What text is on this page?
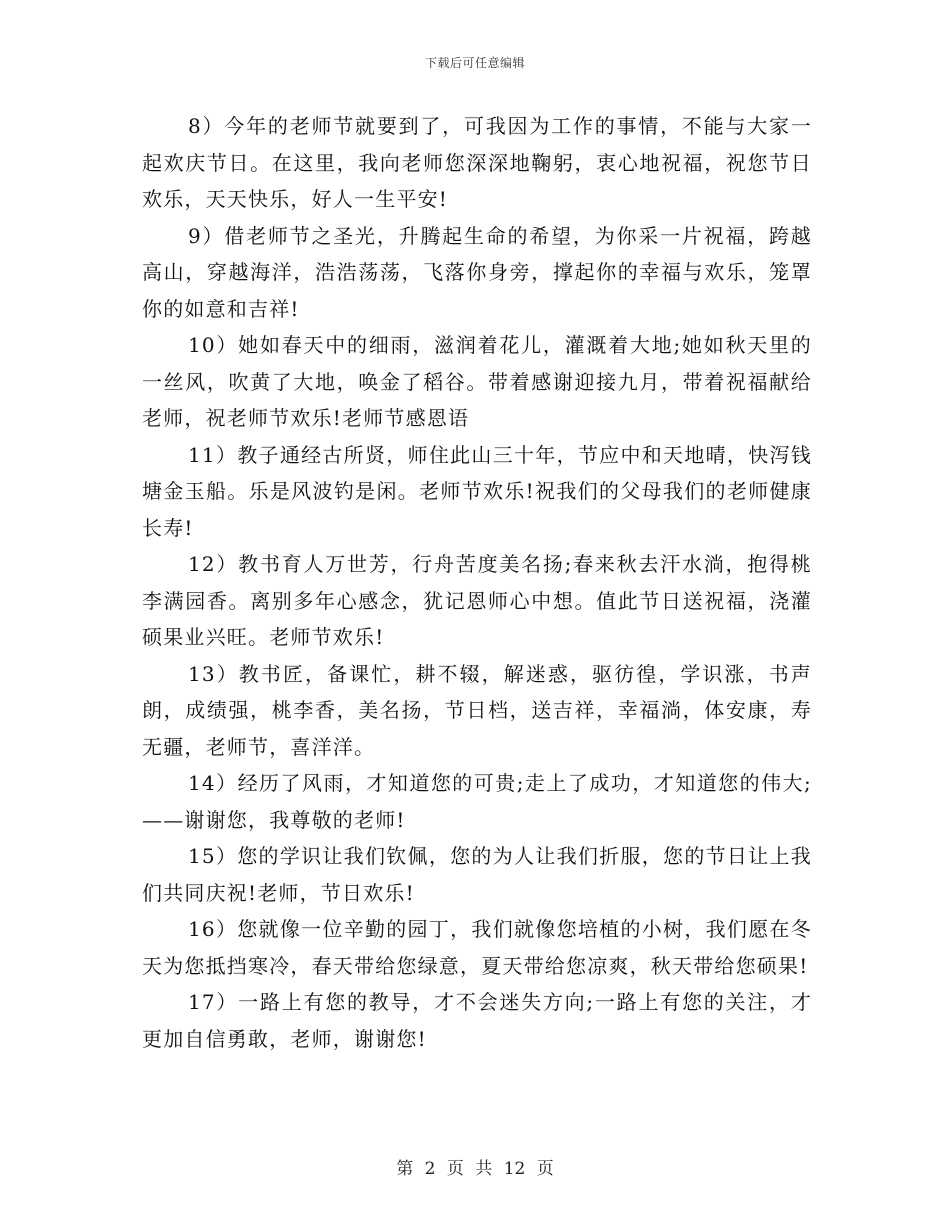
下载后可任意编辑

8）今年的老师节就要到了，可我因为工作的事情，不能与大家一起欢庆节日。在这里，我向老师您深深地鞠躬，衷心地祝福，祝您节日欢乐，天天快乐，好人一生平安!

9）借老师节之圣光，升腾起生命的希望，为你采一片祝福，跨越高山，穿越海洋，浩浩荡荡，飞落你身旁，撑起你的幸福与欢乐，笼罩你的如意和吉祥!

10）她如春天中的细雨，滋润着花儿，灌溉着大地;她如秋天里的一丝风，吹黄了大地，唤金了稻谷。带着感谢迎接九月，带着祝福献给老师，祝老师节欢乐!老师节感恩语

11）教子通经古所贤，师住此山三十年，节应中和天地晴，快泻钱塘金玉船。乐是风波钓是闲。老师节欢乐!祝我们的父母我们的老师健康长寿!

12）教书育人万世芳，行舟苦度美名扬;春来秋去汗水淌，抱得桃李满园香。离别多年心感念，犹记恩师心中想。值此节日送祝福，浇灌硕果业兴旺。老师节欢乐!

13）教书匠，备课忙，耕不辍，解迷惑，驱彷徨，学识涨，书声朗，成绩强，桃李香，美名扬，节日档，送吉祥，幸福淌，体安康，寿无疆，老师节，喜洋洋。

14）经历了风雨，才知道您的可贵;走上了成功，才知道您的伟大;——谢谢您，我尊敬的老师!

15）您的学识让我们钦佩，您的为人让我们折服，您的节日让上我们共同庆祝!老师，节日欢乐!

16）您就像一位辛勤的园丁，我们就像您培植的小树，我们愿在冬天为您抵挡寒冷，春天带给您绿意，夏天带给您凉爽，秋天带给您硕果!

17）一路上有您的教导，才不会迷失方向;一路上有您的关注，才更加自信勇敢，老师，谢谢您!

第 2 页 共 12 页
